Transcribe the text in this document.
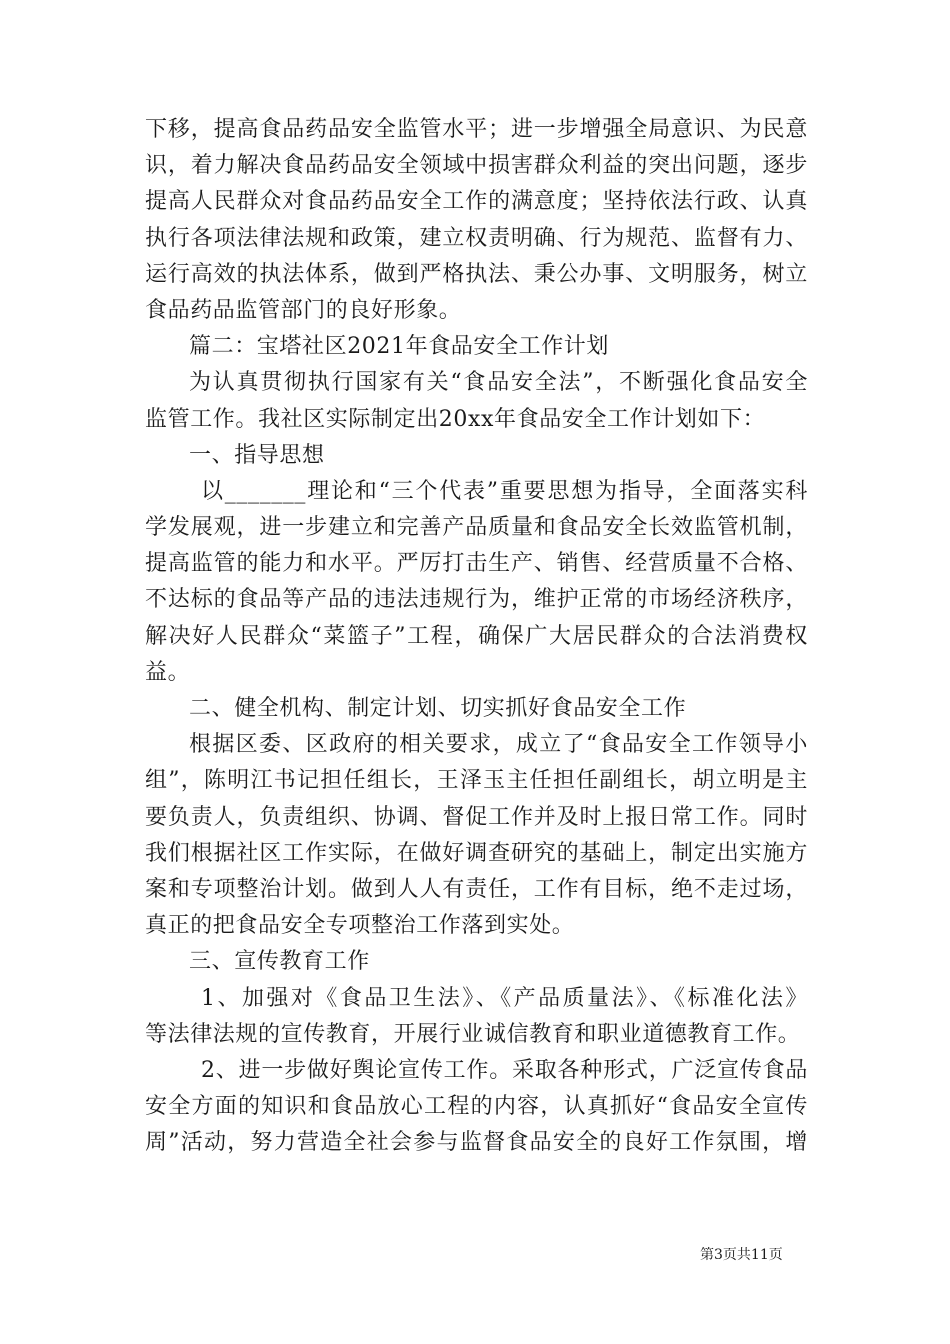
下移，提高食品药品安全监管水平；进一步增强全局意识、为民意
识，着力解决食品药品安全领域中损害群众利益的突出问题，逐步
提高人民群众对食品药品安全工作的满意度；坚持依法行政、认真
执行各项法律法规和政策，建立权责明确、行为规范、监督有力、
运行高效的执法体系，做到严格执法、秉公办事、文明服务，树立
食品药品监管部门的良好形象。
篇二：宝塔社区2021年食品安全工作计划
为认真贯彻执行国家有关“食品安全法”，不断强化食品安全
监管工作。我社区实际制定出20xx年食品安全工作计划如下：
一、指导思想
以_______理论和“三个代表”重要思想为指导，全面落实科
学发展观，进一步建立和完善产品质量和食品安全长效监管机制，
提高监管的能力和水平。严厉打击生产、销售、经营质量不合格、
不达标的食品等产品的违法违规行为，维护正常的市场经济秩序，
解决好人民群众“菜篮子”工程，确保广大居民群众的合法消费权
益。
二、健全机构、制定计划、切实抓好食品安全工作
根据区委、区政府的相关要求，成立了“食品安全工作领导小
组”，陈明江书记担任组长，王泽玉主任担任副组长，胡立明是主
要负责人，负责组织、协调、督促工作并及时上报日常工作。同时
我们根据社区工作实际，在做好调查研究的基础上，制定出实施方
案和专项整治计划。做到人人有责任，工作有目标，绝不走过场，
真正的把食品安全专项整治工作落到实处。
三、宣传教育工作
1、加强对《食品卫生法》、《产品质量法》、《标准化法》
等法律法规的宣传教育，开展行业诚信教育和职业道德教育工作。
2、进一步做好舆论宣传工作。采取各种形式，广泛宣传食品
安全方面的知识和食品放心工程的内容，认真抓好“食品安全宣传
周”活动，努力营造全社会参与监督食品安全的良好工作氛围，增
第3页共11页
